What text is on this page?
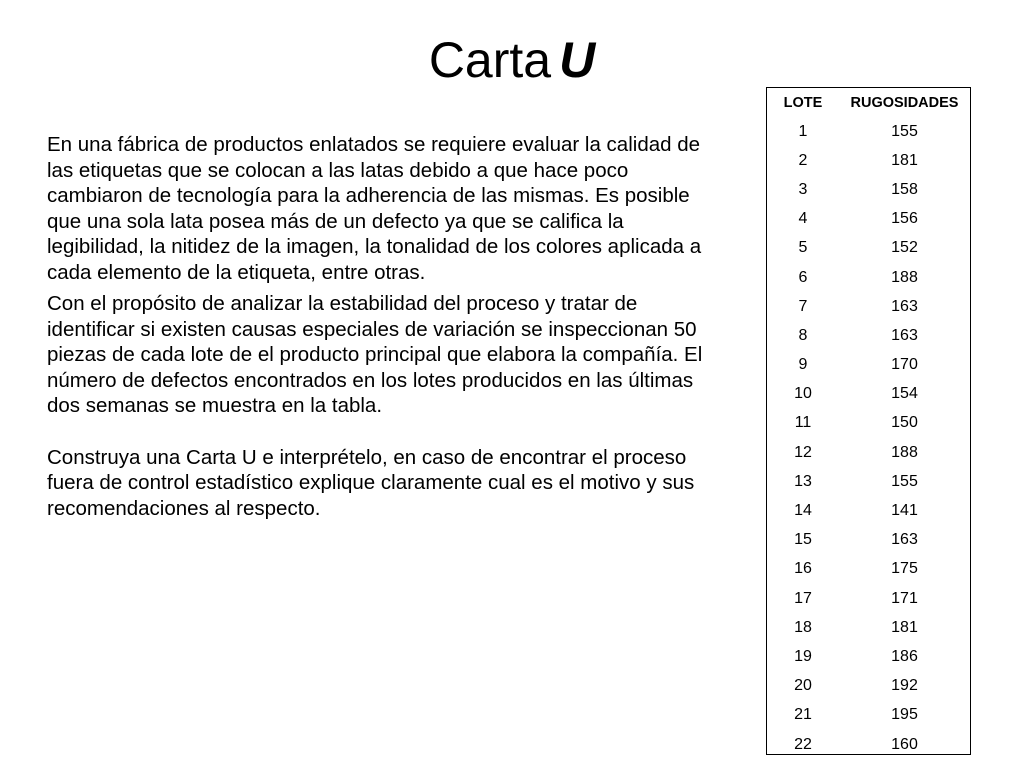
Carta U

En una fábrica de productos enlatados se requiere evaluar la calidad de las etiquetas que se colocan a las latas debido a que hace poco cambiaron de tecnología para la adherencia de las mismas. Es posible que una sola lata posea más de un defecto ya que se califica la legibilidad, la nitidez de la imagen, la tonalidad de los colores aplicada a cada elemento de la etiqueta, entre otras.

Con el propósito de analizar la estabilidad del proceso y tratar de identificar si existen causas especiales de variación se inspeccionan 50 piezas de cada lote de el producto principal que elabora la compañía. El número de defectos encontrados en los lotes producidos en las últimas dos semanas se muestra en la tabla.

Construya una Carta U e interprételo, en caso de encontrar el proceso fuera de control estadístico explique claramente cual es el motivo y sus recomendaciones al respecto.

LOTE	RUGOSIDADES
1	155
2	181
3	158
4	156
5	152
6	188
7	163
8	163
9	170
10	154
11	150
12	188
13	155
14	141
15	163
16	175
17	171
18	181
19	186
20	192
21	195
22	160
